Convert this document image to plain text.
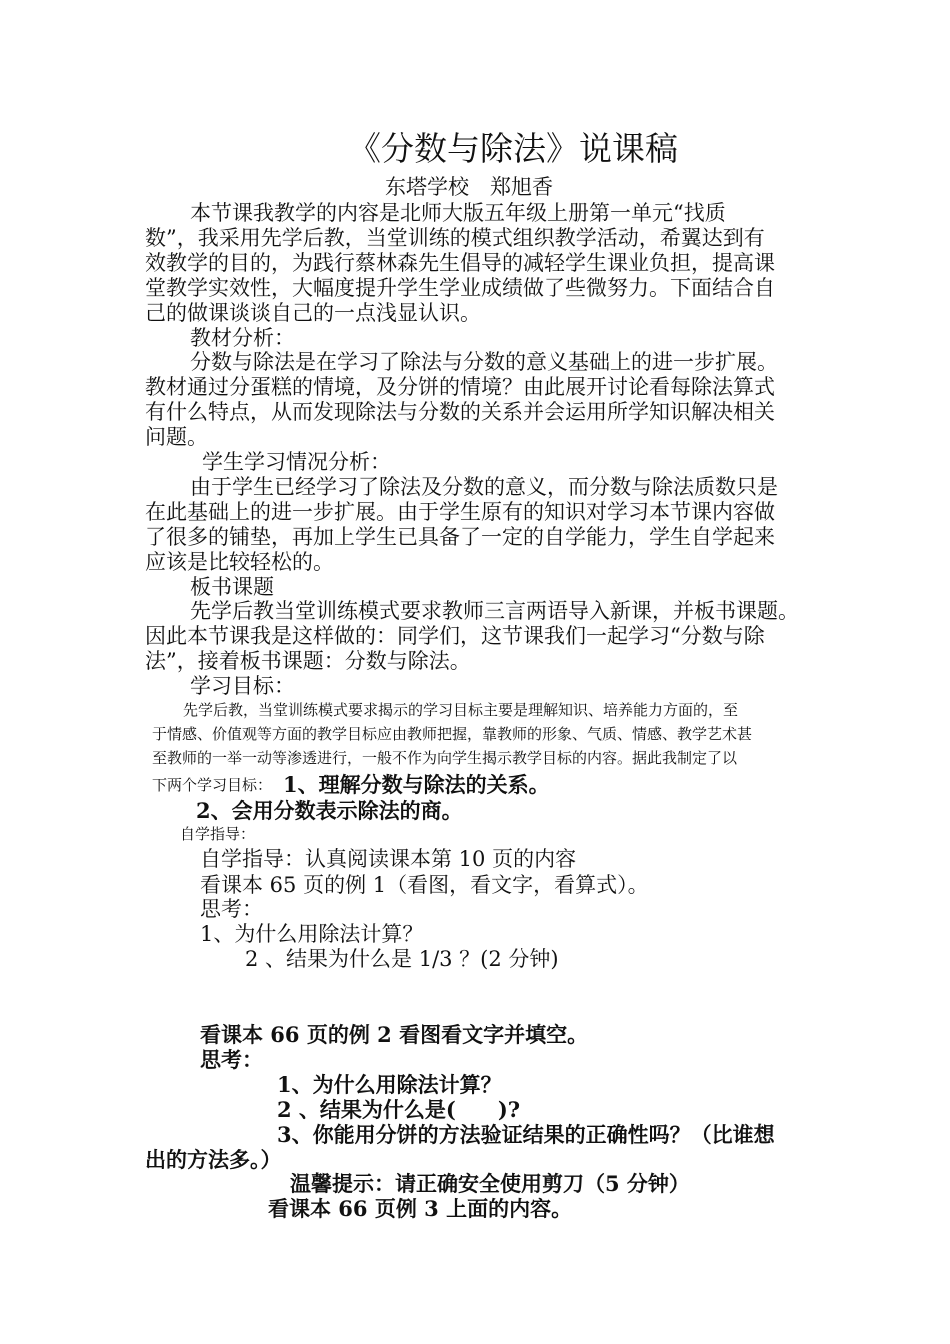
《分数与除法》说课稿
东塔学校　郑旭香
本节课我教学的内容是北师大版五年级上册第一单元“找质
数”，我采用先学后教，当堂训练的模式组织教学活动，希翼达到有
效教学的目的，为践行蔡林森先生倡导的减轻学生课业负担，提高课
堂教学实效性，大幅度提升学生学业成绩做了些微努力。下面结合自
己的做课谈谈自己的一点浅显认识。
教材分析：
分数与除法是在学习了除法与分数的意义基础上的进一步扩展。
教材通过分蛋糕的情境，及分饼的情境？由此展开讨论看每除法算式
有什么特点，从而发现除法与分数的关系并会运用所学知识解决相关
问题。
学生学习情况分析：
由于学生已经学习了除法及分数的意义，而分数与除法质数只是
在此基础上的进一步扩展。由于学生原有的知识对学习本节课内容做
了很多的铺垫，再加上学生已具备了一定的自学能力，学生自学起来
应该是比较轻松的。
板书课题
先学后教当堂训练模式要求教师三言两语导入新课，并板书课题。
因此本节课我是这样做的：同学们，这节课我们一起学习“分数与除
法”，接着板书课题：分数与除法。
学习目标：
先学后教，当堂训练模式要求揭示的学习目标主要是理解知识、培养能力方面的，至
于情感、价值观等方面的教学目标应由教师把握，靠教师的形象、气质、情感、教学艺术甚
至教师的一举一动等渗透进行，一般不作为向学生揭示教学目标的内容。据此我制定了以
下两个学习目标： 1、理解分数与除法的关系。
2、会用分数表示除法的商。
自学指导：
自学指导：认真阅读课本第 10 页的内容
看课本 65 页的例 1（看图，看文字，看算式）。
思考：
1、为什么用除法计算？
2 、结果为什么是 1/3 ？(2 分钟)
看课本 66 页的例 2 看图看文字并填空。
思考：
1、为什么用除法计算？
2 、结果为什么是(　　)?
3、你能用分饼的方法验证结果的正确性吗？（比谁想
出的方法多。）
温馨提示：请正确安全使用剪刀（5 分钟）
看课本 66 页例 3 上面的内容。
